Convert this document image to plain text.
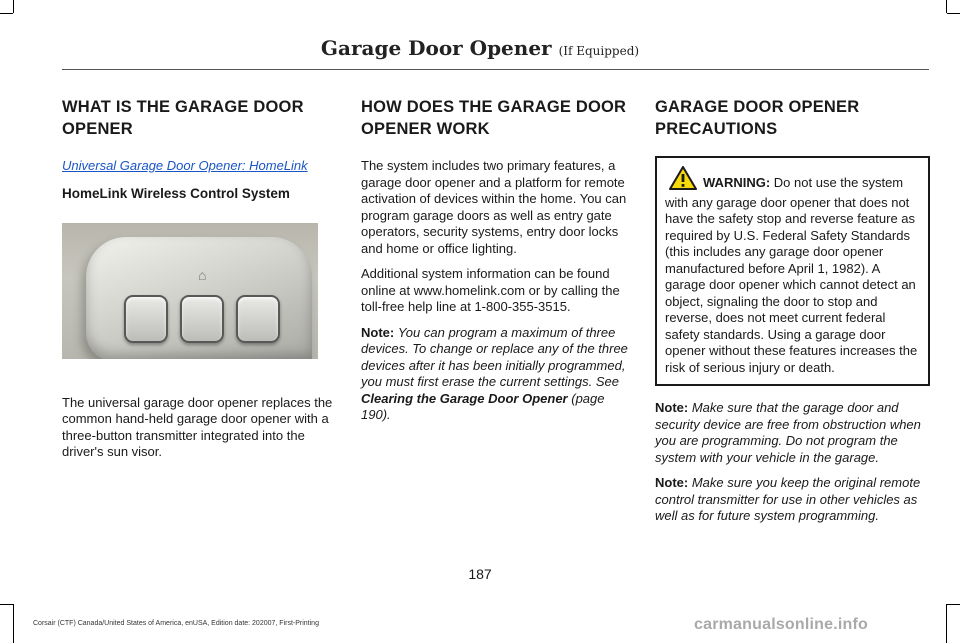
Garage Door Opener (If Equipped)
WHAT IS THE GARAGE DOOR
OPENER

Universal Garage Door Opener: HomeLink

HomeLink Wireless Control System
⌂

The universal garage door opener replaces the common hand-held garage door opener with a three-button transmitter integrated into the driver's sun visor.

HOW DOES THE GARAGE DOOR
OPENER WORK

The system includes two primary features, a garage door opener and a platform for remote activation of devices within the home. You can program garage doors as well as entry gate operators, security systems, entry door locks and home or office lighting.

Additional system information can be found online at www.homelink.com or by calling the toll-free help line at 1-800-355-3515.

Note: You can program a maximum of three devices. To change or replace any of the three devices after it has been initially programmed, you must first erase the current settings. See Clearing the Garage Door Opener (page 190).

GARAGE DOOR OPENER
PRECAUTIONS
WARNING: Do not use the system with any garage door opener that does not have the safety stop and reverse feature as required by U.S. Federal Safety Standards (this includes any garage door opener manufactured before April 1, 1982). A garage door opener which cannot detect an object, signaling the door to stop and reverse, does not meet current federal safety standards. Using a garage door opener without these features increases the risk of serious injury or death.

Note: Make sure that the garage door and security device are free from obstruction when you are programming. Do not program the system with your vehicle in the garage.

Note: Make sure you keep the original remote control transmitter for use in other vehicles as well as for future system programming.

187
Corsair (CTF) Canada/United States of America, enUSA, Edition date: 202007, First-Printing	carmanualsonline.info
